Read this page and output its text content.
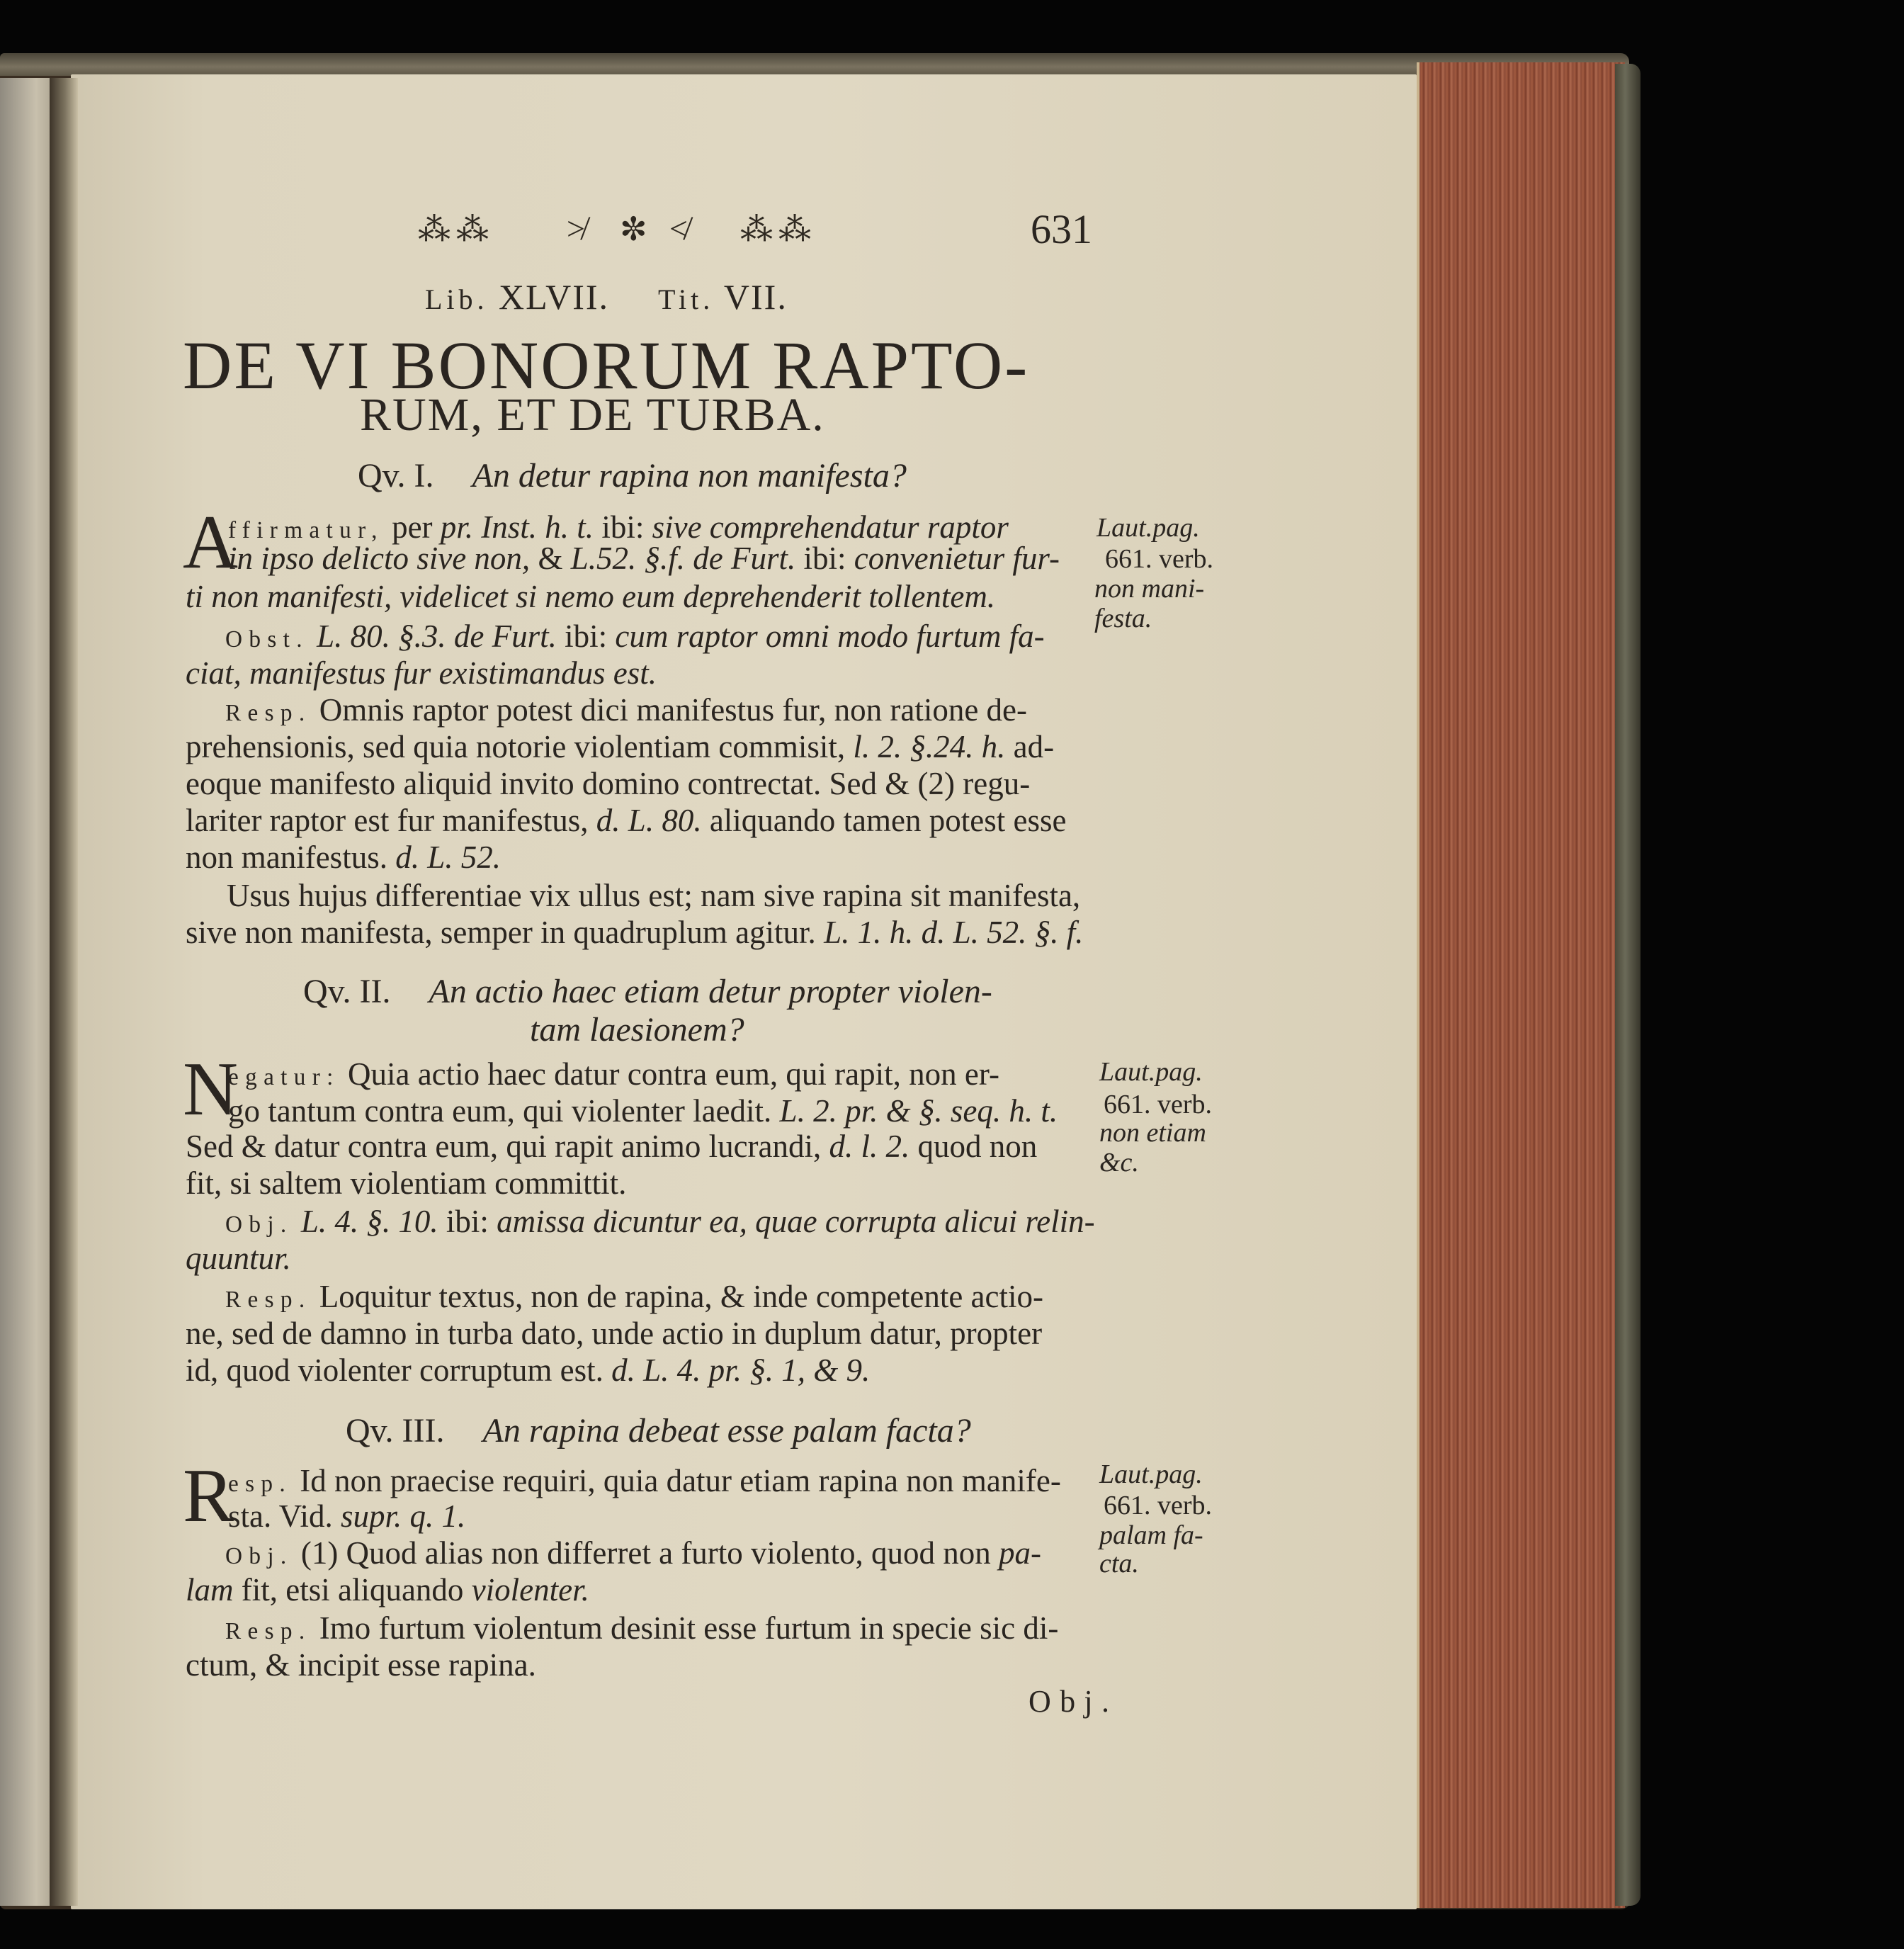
⁂⁂ ≯ ✼ ≮ ⁂⁂	631
Lib. XLVII. Tit. VII.
DE VI BONORUM RAPTO-
RUM, ET DE TURBA.
Qv. I. An detur rapina non manifesta?
A
ffirmatur, per pr. Inst. h. t. ibi: sive comprehendatur raptor
in ipso delicto sive non, & L.52. §.f. de Furt. ibi: convenietur fur-
ti non manifesti, videlicet si nemo eum deprehenderit tollentem.
Obst. L. 80. §.3. de Furt. ibi: cum raptor omni modo furtum fa-
ciat, manifestus fur existimandus est.
Resp. Omnis raptor potest dici manifestus fur, non ratione de-
prehensionis, sed quia notorie violentiam commisit, l. 2. §.24. h. ad-
eoque manifesto aliquid invito domino contrectat. Sed & (2) regu-
lariter raptor est fur manifestus, d. L. 80. aliquando tamen potest esse
non manifestus. d. L. 52.
Usus hujus differentiae vix ullus est; nam sive rapina sit manifesta,
sive non manifesta, semper in quadruplum agitur. L. 1. h. d. L. 52. §. f.
Laut.pag.
661. verb.
non mani-
festa.
Qv. II. An actio haec etiam detur propter violen-
tam laesionem?
N
egatur: Quia actio haec datur contra eum, qui rapit, non er-
go tantum contra eum, qui violenter laedit. L. 2. pr. & §. seq. h. t.
Sed & datur contra eum, qui rapit animo lucrandi, d. l. 2. quod non
fit, si saltem violentiam committit.
Obj. L. 4. §. 10. ibi: amissa dicuntur ea, quae corrupta alicui relin-
quuntur.
Resp. Loquitur textus, non de rapina, & inde competente actio-
ne, sed de damno in turba dato, unde actio in duplum datur, propter
id, quod violenter corruptum est. d. L. 4. pr. §. 1, & 9.
Laut.pag.
661. verb.
non etiam
&c.
Qv. III. An rapina debeat esse palam facta?
R
esp. Id non praecise requiri, quia datur etiam rapina non manife-
sta. Vid. supr. q. 1.
Obj. (1) Quod alias non differret a furto violento, quod non pa-
lam fit, etsi aliquando violenter.
Resp. Imo furtum violentum desinit esse furtum in specie sic di-
ctum, & incipit esse rapina.
Laut.pag.
661. verb.
palam fa-
cta.
Obj.
